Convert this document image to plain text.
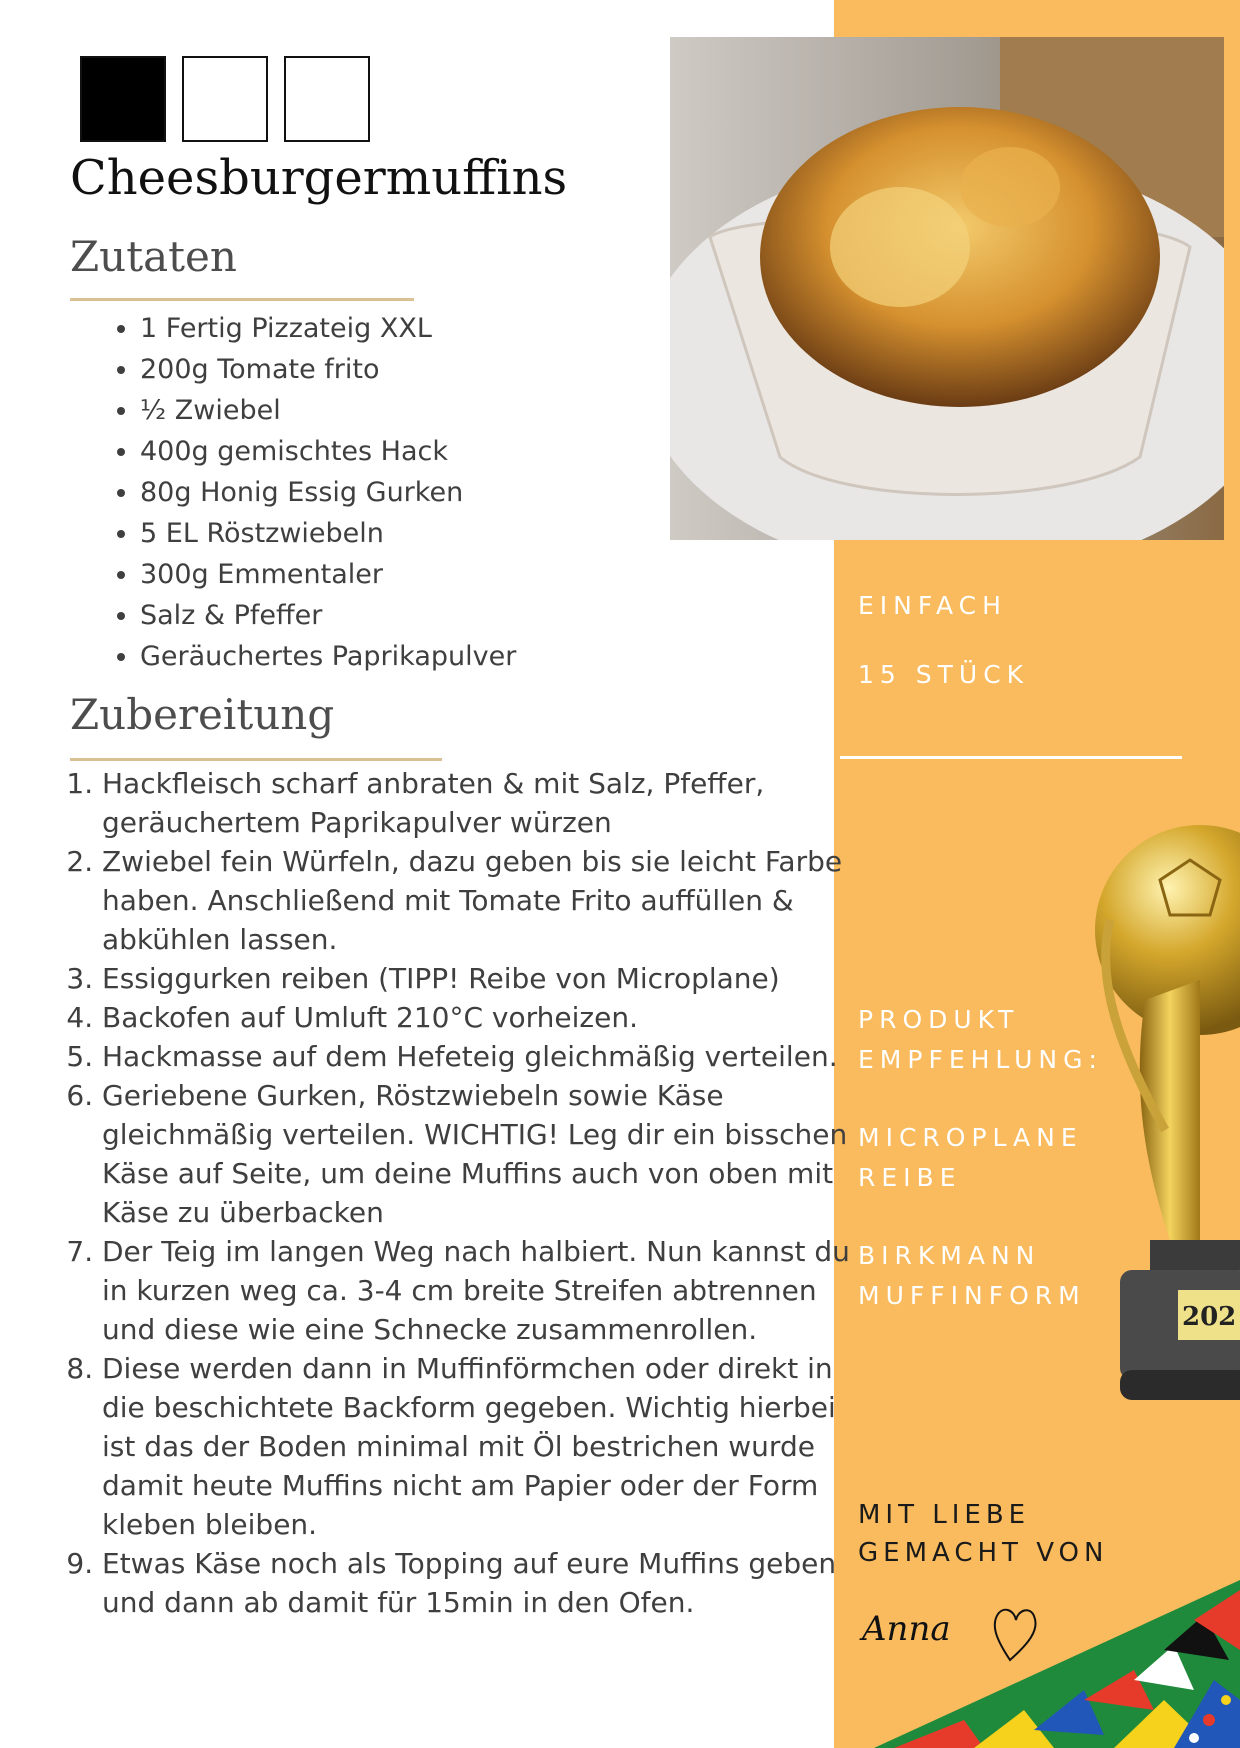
202
Cheesburgermuffins
Zutaten
• 1 Fertig Pizzateig XXL
• 200g Tomate frito
• ½ Zwiebel
• 400g gemischtes Hack
• 80g Honig Essig Gurken
• 5 EL Röstzwiebeln
• 300g Emmentaler
• Salz & Pfeffer
• Geräuchertes Paprikapulver
Zubereitung
1. Hackfleisch scharf anbraten & mit Salz, Pfeffer, geräuchertem Paprikapulver würzen
2. Zwiebel fein Würfeln, dazu geben bis sie leicht Farbe haben. Anschließend mit Tomate Frito auffüllen & abkühlen lassen.
3. Essiggurken reiben (TIPP! Reibe von Microplane)
4. Backofen auf Umluft 210°C vorheizen.
5. Hackmasse auf dem Hefeteig gleichmäßig verteilen.
6. Geriebene Gurken, Röstzwiebeln sowie Käse gleichmäßig verteilen. WICHTIG! Leg dir ein bisschen Käse auf Seite, um deine Muffins auch von oben mit Käse zu überbacken
7. Der Teig im langen Weg nach halbiert. Nun kannst du in kurzen weg ca. 3-4 cm breite Streifen abtrennen und diese wie eine Schnecke zusammenrollen.
8. Diese werden dann in Muffinförmchen oder direkt in die beschichtete Backform gegeben. Wichtig hierbei ist das der Boden minimal mit Öl bestrichen wurde damit heute Muffins nicht am Papier oder der Form kleben bleiben.
9. Etwas Käse noch als Topping auf eure Muffins geben und dann ab damit für 15min in den Ofen.

EINFACH

15 STÜCK

PRODUKT EMPFEHLUNG:

MICROPLANE REIBE

BIRKMANN MUFFINFORM

MIT LIEBE GEMACHT VON

Anna
